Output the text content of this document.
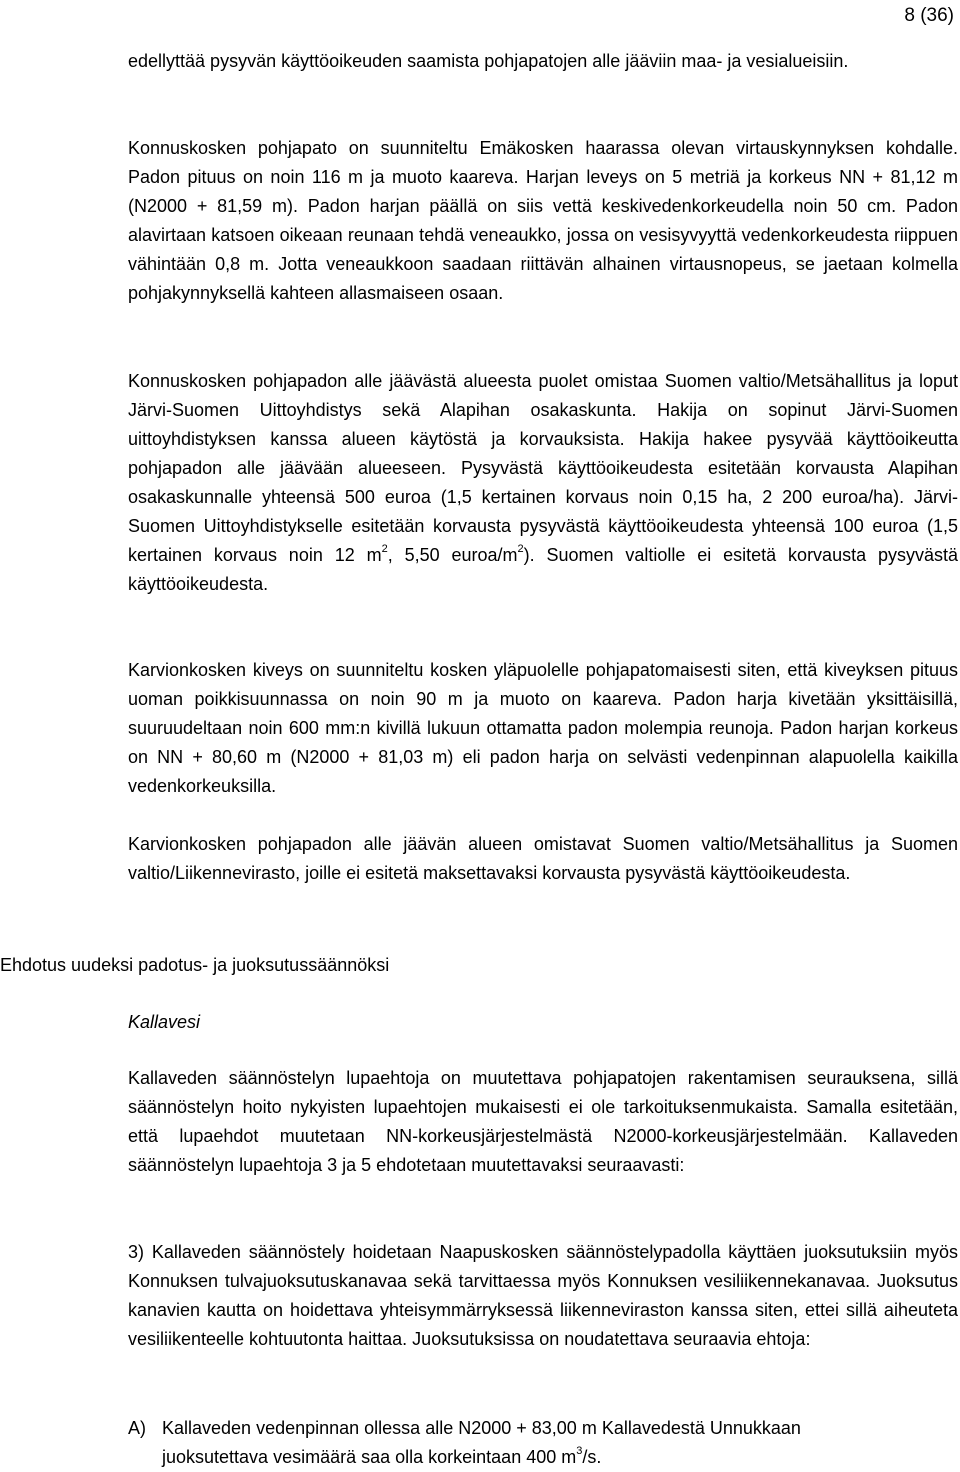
8 (36)

edellyttää pysyvän käyttöoikeuden saamista pohjapatojen alle jääviin maa- ja vesialueisiin.

Konnuskosken pohjapato on suunniteltu Emäkosken haarassa olevan virtauskynnyksen kohdalle. Padon pituus on noin 116 m ja muoto kaareva. Harjan leveys on 5 metriä ja korkeus NN + 81,12 m (N2000 + 81,59 m). Padon harjan päällä on siis vettä keskivedenkorkeudella noin 50 cm. Padon alavirtaan katsoen oikeaan reunaan tehdä veneaukko, jossa on vesisyvyyttä vedenkorkeudesta riippuen vähintään 0,8 m. Jotta veneaukkoon saadaan riittävän alhainen virtausnopeus, se jaetaan kolmella pohjakynnyksellä kahteen allasmaiseen osaan.

Konnuskosken pohjapadon alle jäävästä alueesta puolet omistaa Suomen valtio/Metsähallitus ja loput Järvi-Suomen Uittoyhdistys sekä Alapihan osakaskunta. Hakija on sopinut Järvi-Suomen uittoyhdistyksen kanssa alueen käytöstä ja korvauksista. Hakija hakee pysyvää käyttöoikeutta pohjapadon alle jäävään alueeseen. Pysyvästä käyttöoikeudesta esitetään korvausta Alapihan osakaskunnalle yhteensä 500 euroa (1,5 kertainen korvaus noin 0,15 ha, 2 200 euroa/ha). Järvi-Suomen Uittoyhdistykselle esitetään korvausta pysyvästä käyttöoikeudesta yhteensä 100 euroa (1,5 kertainen korvaus noin 12 $m^2$, 5,50 euroa/$m^2$). Suomen valtiolle ei esitetä korvausta pysyvästä käyttöoikeudesta.

Karvionkosken kiveys on suunniteltu kosken yläpuolelle pohjapatomaisesti siten, että kiveyksen pituus uoman poikkisuunnassa on noin 90 m ja muoto on kaareva. Padon harja kivetään yksittäisillä, suuruudeltaan noin 600 mm:n kivillä lukuun ottamatta padon molempia reunoja. Padon harjan korkeus on NN + 80,60 m (N2000 + 81,03 m) eli padon harja on selvästi vedenpinnan alapuolella kaikilla vedenkorkeuksilla.

Karvionkosken pohjapadon alle jäävän alueen omistavat Suomen valtio/Metsähallitus ja Suomen valtio/Liikennevirasto, joille ei esitetä maksettavaksi korvausta pysyvästä käyttöoikeudesta.

Ehdotus uudeksi padotus- ja juoksutussäännöksi

Kallavesi

Kallaveden säännöstelyn lupaehtoja on muutettava pohjapatojen rakentamisen seurauksena, sillä säännöstelyn hoito nykyisten lupaehtojen mukaisesti ei ole tarkoituksenmukaista. Samalla esitetään, että lupaehdot muutetaan NN-korkeusjärjestelmästä N2000-korkeusjärjestelmään. Kallaveden säännöstelyn lupaehtoja 3 ja 5 ehdotetaan muutettavaksi seuraavasti:

3) Kallaveden säännöstely hoidetaan Naapuskosken säännöstelypadolla käyttäen juoksutuksiin myös Konnuksen tulvajuoksutuskanavaa sekä tarvittaessa myös Konnuksen vesiliikennekanavaa. Juoksutus kanavien kautta on hoidettava yhteisymmärryksessä liikenneviraston kanssa siten, ettei sillä aiheuteta vesiliikenteelle kohtuutonta haittaa. Juoksutuksissa on noudatettava seuraavia ehtoja:

A) Kallaveden vedenpinnan ollessa alle N2000 + 83,00 m Kallavedestä Unnukkaan
juoksutettava vesimäärä saa olla korkeintaan 400 $m^3/s$.
